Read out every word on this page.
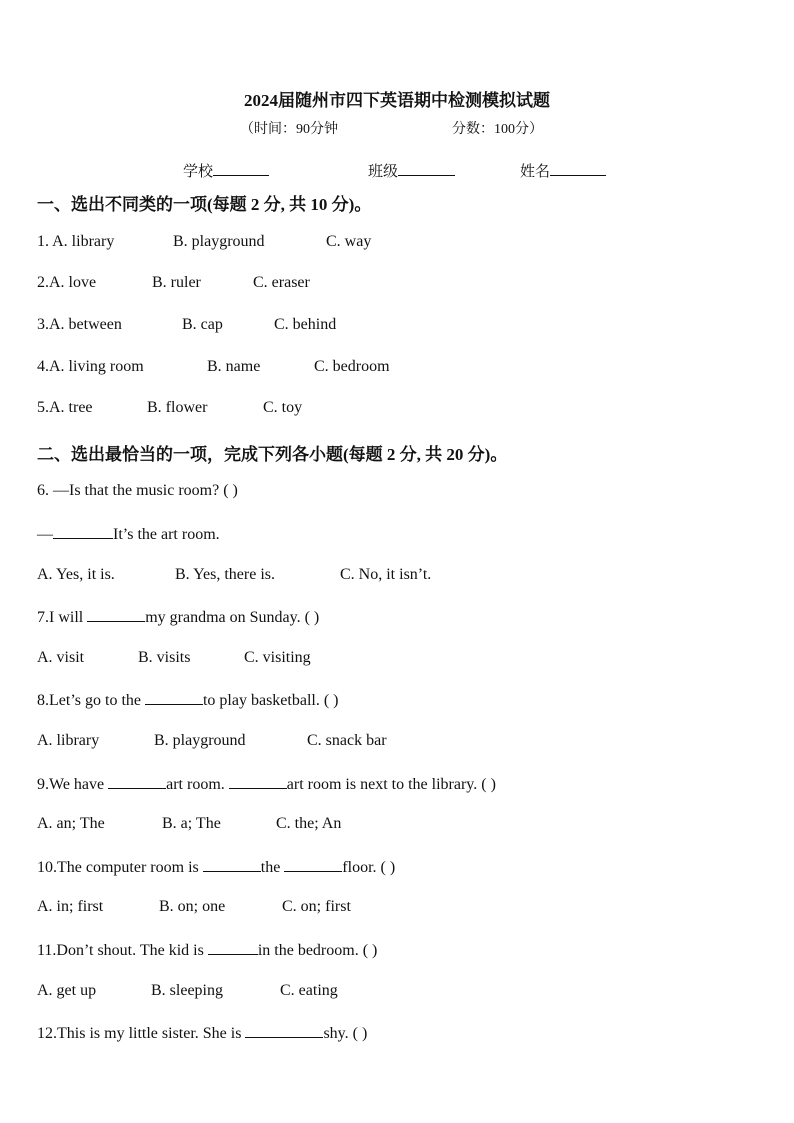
2024届随州市四下英语期中检测模拟试题
（时间：90分钟	分数：100分）
学校	班级	姓名
一、选出不同类的一项(每题 2 分, 共 10 分)。
1. A. library	B. playground	C. way
2.A. love	B. ruler	C. eraser
3.A. between	B. cap	C. behind
4.A. living room	B. name	C. bedroom
5.A. tree	B. flower	C. toy
二、选出最恰当的一项，完成下列各小题(每题 2 分, 共 20 分)。
6. —Is that the music room? ( )
—	It’s the art room.
A. Yes, it is.	B. Yes, there is.	C. No, it isn’t.
7.I will	my grandma on Sunday. ( )
A. visit	B. visits	C. visiting
8.Let’s go to the	to play basketball. ( )
A. library	B. playground	C. snack bar
9.We have	art room.	art room is next to the library. ( )
A. an; The	B. a; The	C. the; An
10.The computer room is	the	floor. ( )
A. in; first	B. on; one	C. on; first
11.Don’t shout. The kid is	in the bedroom. ( )
A. get up	B. sleeping	C. eating
12.This is my little sister. She is	shy. ( )
